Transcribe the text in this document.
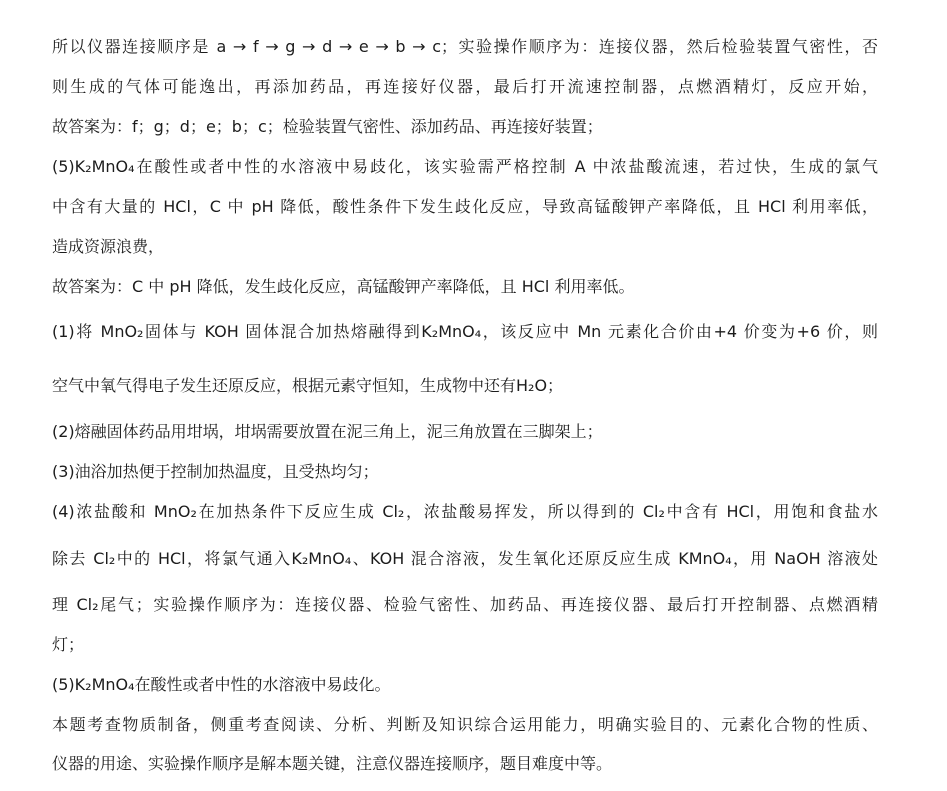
所以仪器连接顺序是 a → f → g → d → e → b → c；实验操作顺序为：连接仪器，然后检验装置气密性，否
则生成的气体可能逸出，再添加药品，再连接好仪器，最后打开流速控制器，点燃酒精灯，反应开始，
故答案为：f；g；d；e；b；c；检验装置气密性、添加药品、再连接好装置；
(5)K₂MnO₄在酸性或者中性的水溶液中易歧化，该实验需严格控制 A 中浓盐酸流速，若过快，生成的氯气
中含有大量的 HCl，C 中 pH 降低，酸性条件下发生歧化反应，导致高锰酸钾产率降低，且 HCl 利用率低，
造成资源浪费，
故答案为：C 中 pH 降低，发生歧化反应，高锰酸钾产率降低，且 HCl 利用率低。
(1)将 MnO₂固体与 KOH 固体混合加热熔融得到K₂MnO₄，该反应中 Mn 元素化合价由+4 价变为+6 价，则
空气中氧气得电子发生还原反应，根据元素守恒知，生成物中还有H₂O；
(2)熔融固体药品用坩埚，坩埚需要放置在泥三角上，泥三角放置在三脚架上；
(3)油浴加热便于控制加热温度，且受热均匀；
(4)浓盐酸和 MnO₂在加热条件下反应生成 Cl₂，浓盐酸易挥发，所以得到的 Cl₂中含有 HCl，用饱和食盐水
除去 Cl₂中的 HCl，将氯气通入K₂MnO₄、KOH 混合溶液，发生氧化还原反应生成 KMnO₄，用 NaOH 溶液处
理 Cl₂尾气；实验操作顺序为：连接仪器、检验气密性、加药品、再连接仪器、最后打开控制器、点燃酒精
灯；
(5)K₂MnO₄在酸性或者中性的水溶液中易歧化。
本题考查物质制备，侧重考查阅读、分析、判断及知识综合运用能力，明确实验目的、元素化合物的性质、
仪器的用途、实验操作顺序是解本题关键，注意仪器连接顺序，题目难度中等。
